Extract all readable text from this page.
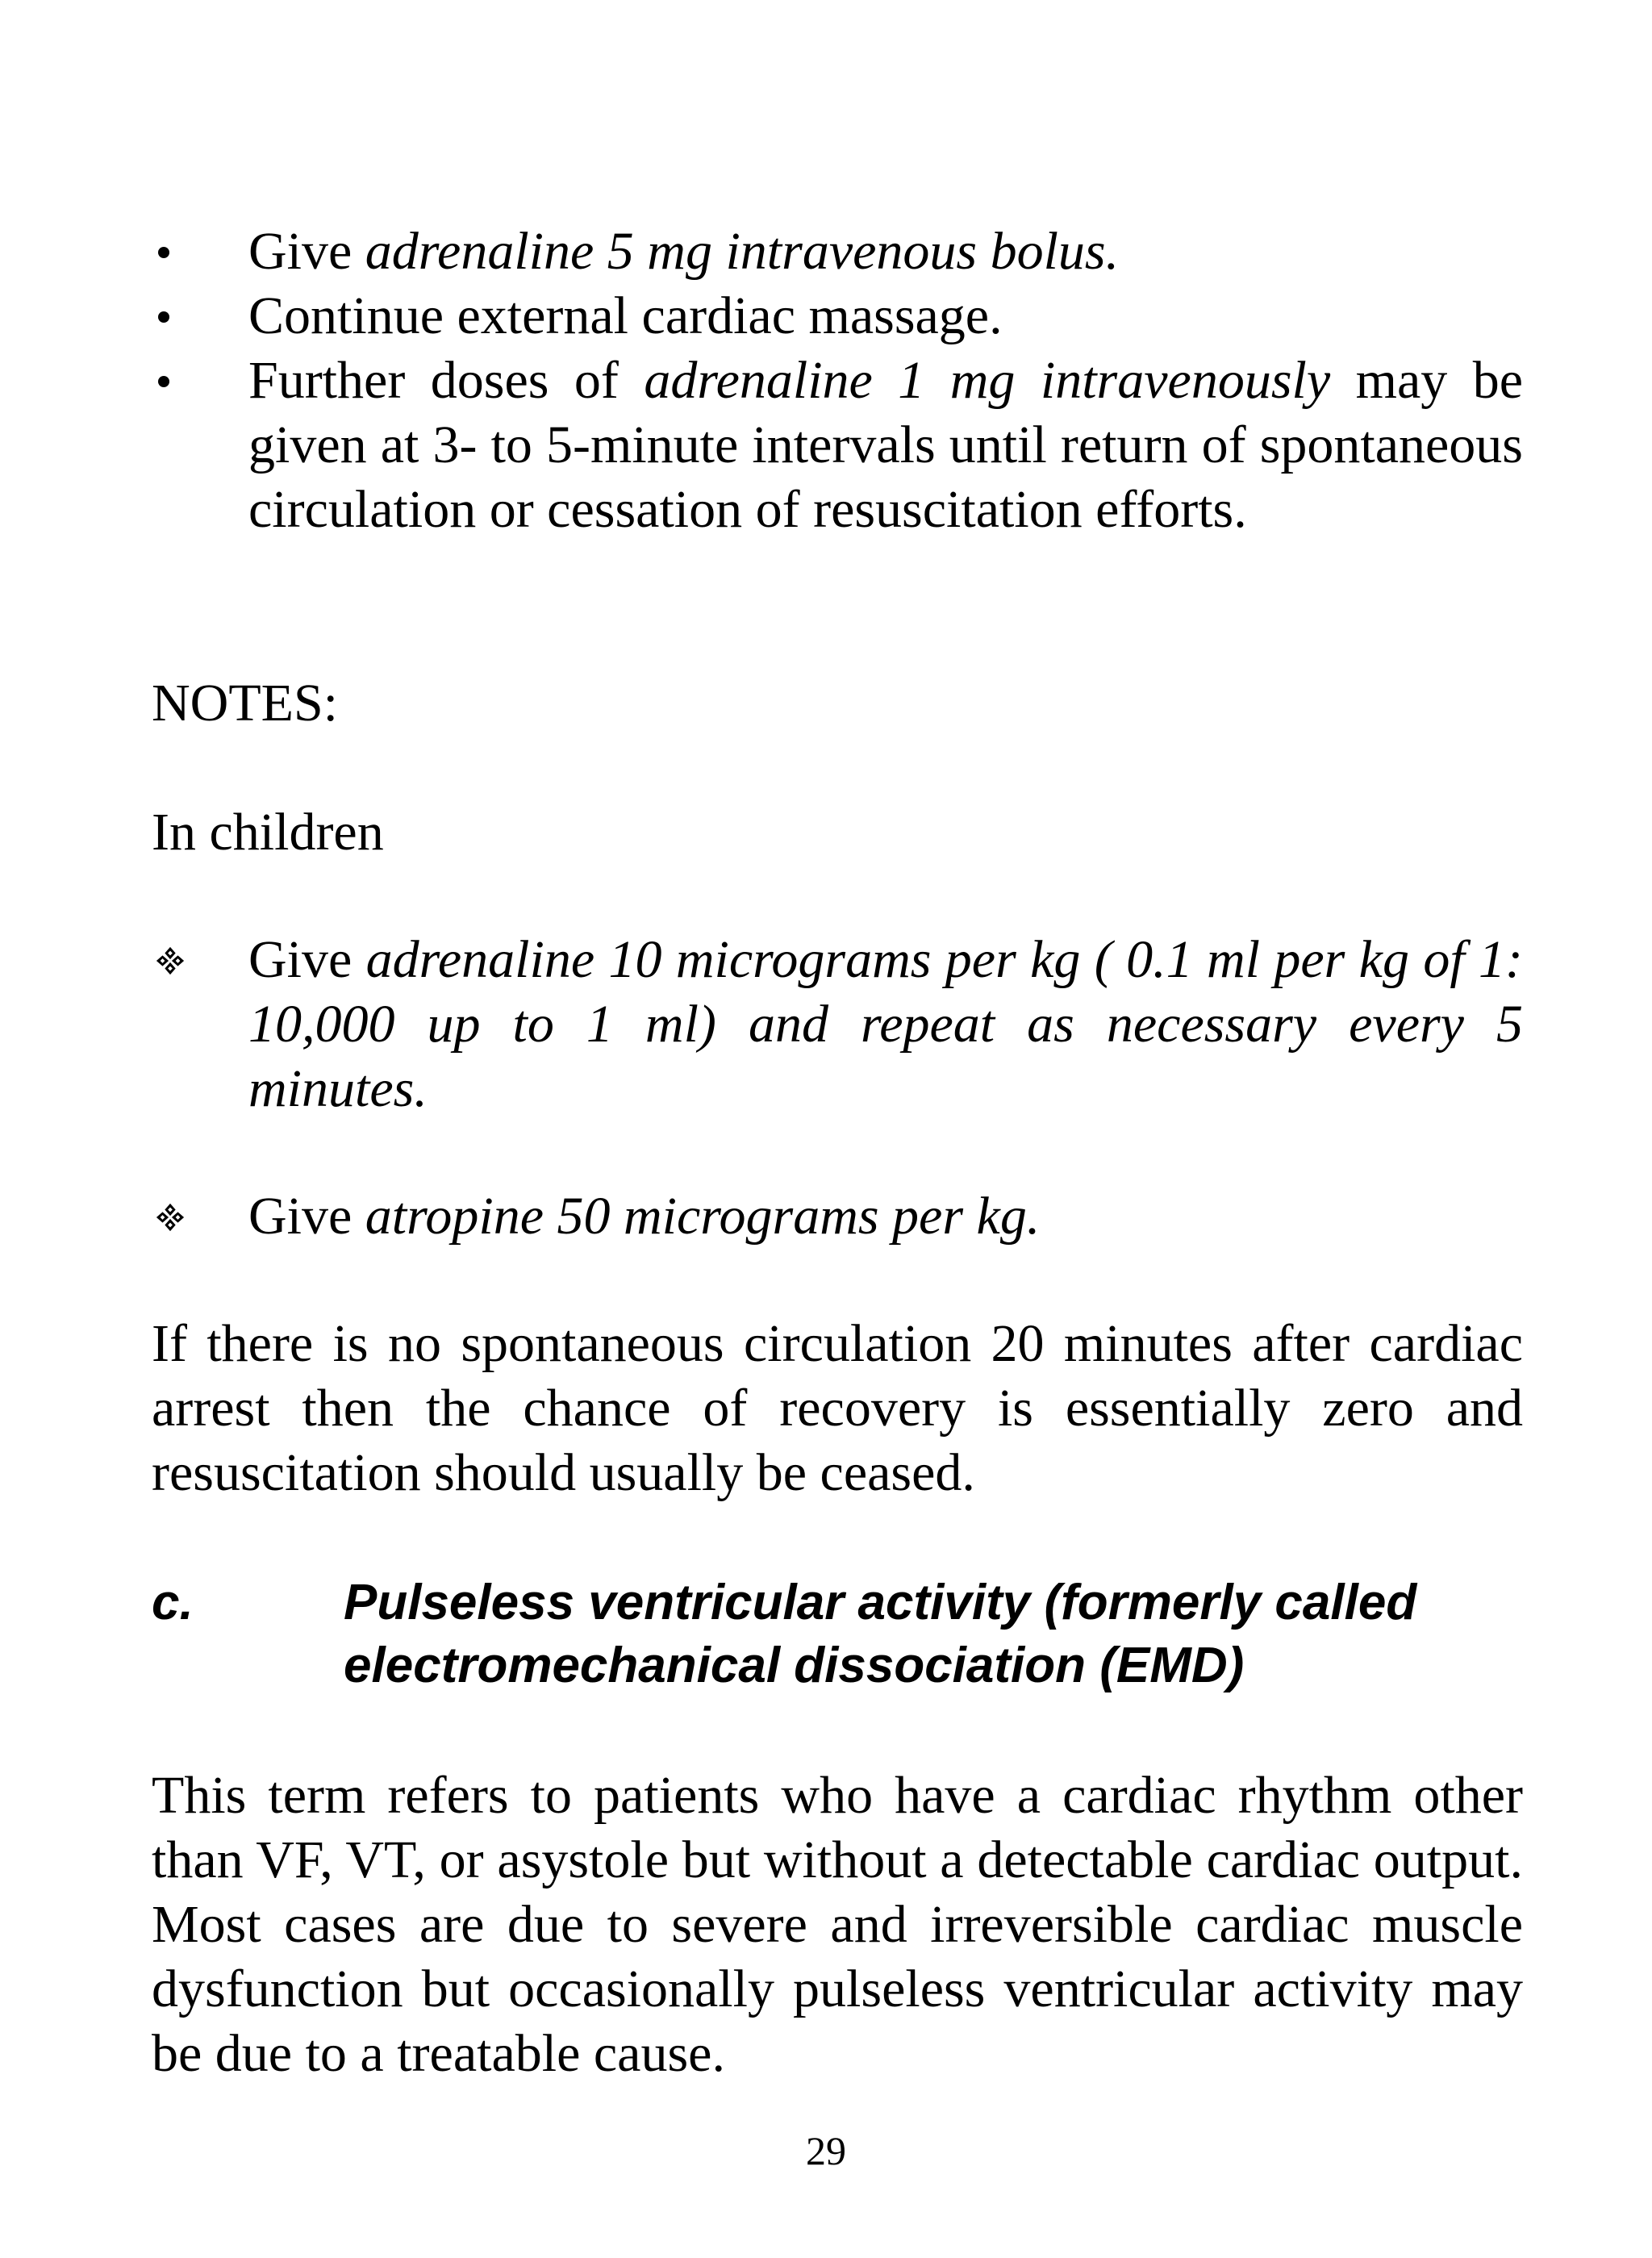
Give adrenaline 5 mg intravenous bolus.
Continue external cardiac massage.
Further doses of adrenaline 1 mg intravenously may be given at 3- to 5-minute intervals until return of spontaneous circulation or cessation of resuscitation efforts.
NOTES:
In children
Give adrenaline 10 micrograms per kg ( 0.1 ml per kg of 1: 10,000 up to 1 ml) and repeat as necessary every 5 minutes.
Give atropine 50 micrograms per kg.
If there is no spontaneous circulation 20 minutes after cardiac arrest then the chance of recovery is essentially zero and resuscitation should usually be ceased.
c.	Pulseless ventricular activity (formerly called electromechanical dissociation (EMD)
This term refers to patients who have a cardiac rhythm other than VF, VT, or asystole but without a detectable cardiac output. Most cases are due to severe and irreversible cardiac muscle dysfunction but occasionally pulseless ventricular activity may be due to a treatable cause.
29
